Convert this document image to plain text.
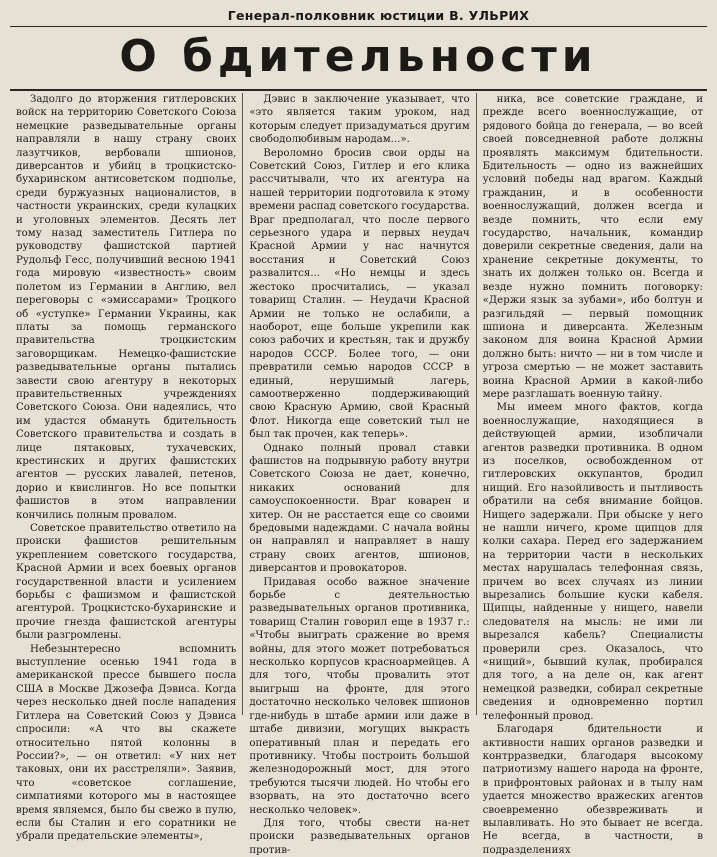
Генерал-полковник юстиции В. УЛЬРИХ
О бдительности

Задолго до вторжения гитлеровских войск на территорию Советского Союза немецкие разведывательные органы направляли в нашу страну своих лазутчиков, вербовали шпионов, диверсантов и убийц в троцкистско-бухаринском антисоветском подполье, среди буржуазных националистов, в частности украинских, среди кулацких и уголовных элементов. Десять лет тому назад заместитель Гитлера по руководству фашистской партией Рудольф Гесс, получивший весною 1941 года мировую «известность» своим полетом из Германии в Англию, вел переговоры с «эмиссарами» Троцкого об «уступке» Германии Украины, как платы за помощь германского правительства троцкистским заговорщикам. Немецко-фашистские разведывательные органы пытались завести свою агентуру в некоторых правительственных учреждениях Советского Союза. Они надеялись, что им удастся обмануть бдительность Советского правительства и создать в лице пятаковых, тухачевских, крестинских и других фашистских агентов — русских лавалей, петенов, дорио и квислингов. Но все попытки фашистов в этом направлении кончились полным провалом.

Советское правительство ответило на происки фашистов решительным укреплением советского государства, Красной Армии и всех боевых органов государственной власти и усилением борьбы с фашизмом и фашистской агентурой. Троцкистско-бухаринские и прочие гнезда фашистской агентуры были разгромлены.

Небезынтересно вспомнить выступление осенью 1941 года в американской прессе бывшего посла США в Москве Джозефа Дэвиса. Когда через несколько дней после нападения Гитлера на Советский Союз у Дэвиса спросили: «А что вы скажете относительно пятой колонны в России?», — он ответил: «У них нет таковых, они их расстреляли». Заявив, что «советское соглашение, симпатиями которого мы в настоящее время являемся, было бы свежо в пулю, если бы Сталин и его соратники не убрали предательские элементы»,

Дэвис в заключение указывает, что «это является таким уроком, над которым следует призадуматься другим свободолюбивым народам...».

Вероломно бросив свои орды на Советский Союз, Гитлер и его клика рассчитывали, что их агентура на нашей территории подготовила к этому времени распад советского государства. Враг предполагал, что после первого серьезного удара и первых неудач Красной Армии у нас начнутся восстания и Советский Союз развалится... «Но немцы и здесь жестоко просчитались, — указал товарищ Сталин. — Неудачи Красной Армии не только не ослабили, а наоборот, еще больше укрепили как союз рабочих и крестьян, так и дружбу народов СССР. Более того, — они превратили семью народов СССР в единый, нерушимый лагерь, самоотверженно поддерживающий свою Красную Армию, свой Красный Флот. Никогда еще советский тыл не был так прочен, как теперь».

Однако полный провал ставки фашистов на подрывную работу внутри Советского Союза не дает, конечно, никаких оснований для самоуспокоенности. Враг коварен и хитер. Он не расстается еще со своими бредовыми надеждами. С начала войны он направлял и направляет в нашу страну своих агентов, шпионов, диверсантов и провокаторов.

Придавая особо важное значение борьбе с деятельностью разведывательных органов противника, товарищ Сталин говорил еще в 1937 г.: «Чтобы выиграть сражение во время войны, для этого может потребоваться несколько корпусов красноармейцев. А для того, чтобы провалить этот выигрыш на фронте, для этого достаточно несколько человек шпионов где-нибудь в штабе армии или даже в штабе дивизии, могущих выкрасть оперативный план и передать его противнику. Чтобы построить большой железнодорожный мост, для этого требуются тысячи людей. Но чтобы его взорвать, на это достаточно всего несколько человек».

Для того, чтобы свести на-нет происки разведывательных органов против-

ника, все советские граждане, и прежде всего военнослужащие, от рядового бойца до генерала, — во всей своей повседневной работе должны проявлять максимум бдительности. Бдительность — одно из важнейших условий победы над врагом. Каждый гражданин, и в особенности военнослужащий, должен всегда и везде помнить, что если ему государство, начальник, командир доверили секретные сведения, дали на хранение секретные документы, то знать их должен только он. Всегда и везде нужно помнить поговорку: «Держи язык за зубами», ибо болтун и разгильдяй — первый помощник шпиона и диверсанта. Железным законом для воина Красной Армии должно быть: ничто — ни в том числе и угроза смертью — не может заставить воина Красной Армии в какой-либо мере разглашать военную тайну.

Мы имеем много фактов, когда военнослужащие, находящиеся в действующей армии, изобличали агентов разведки противника. В одном из поселков, освобожденном от гитлеровских оккупантов, бродил нищий. Его назойливость и пытливость обратили на себя внимание бойцов. Нищего задержали. При обыске у него не нашли ничего, кроме щипцов для колки сахара. Перед его задержанием на территории части в нескольких местах нарушалась телефонная связь, причем во всех случаях из линии вырезались большие куски кабеля. Щипцы, найденные у нищего, навели следователя на мысль: не ими ли вырезался кабель? Специалисты проверили срез. Оказалось, что «нищий», бывший кулак, пробирался для того, а на деле он, как агент немецкой разведки, собирал секретные сведения и одновременно портил телефонный провод.

Благодаря бдительности и активности наших органов разведки и контрразведки, благодаря высокому патриотизму нашего народа на фронте, в прифронтовых районах и в тылу нам удается множество вражеских агентов своевременно обезвреживать и вылавливать. Но это бывает не всегда. Не всегда, в частности, в подразделениях
